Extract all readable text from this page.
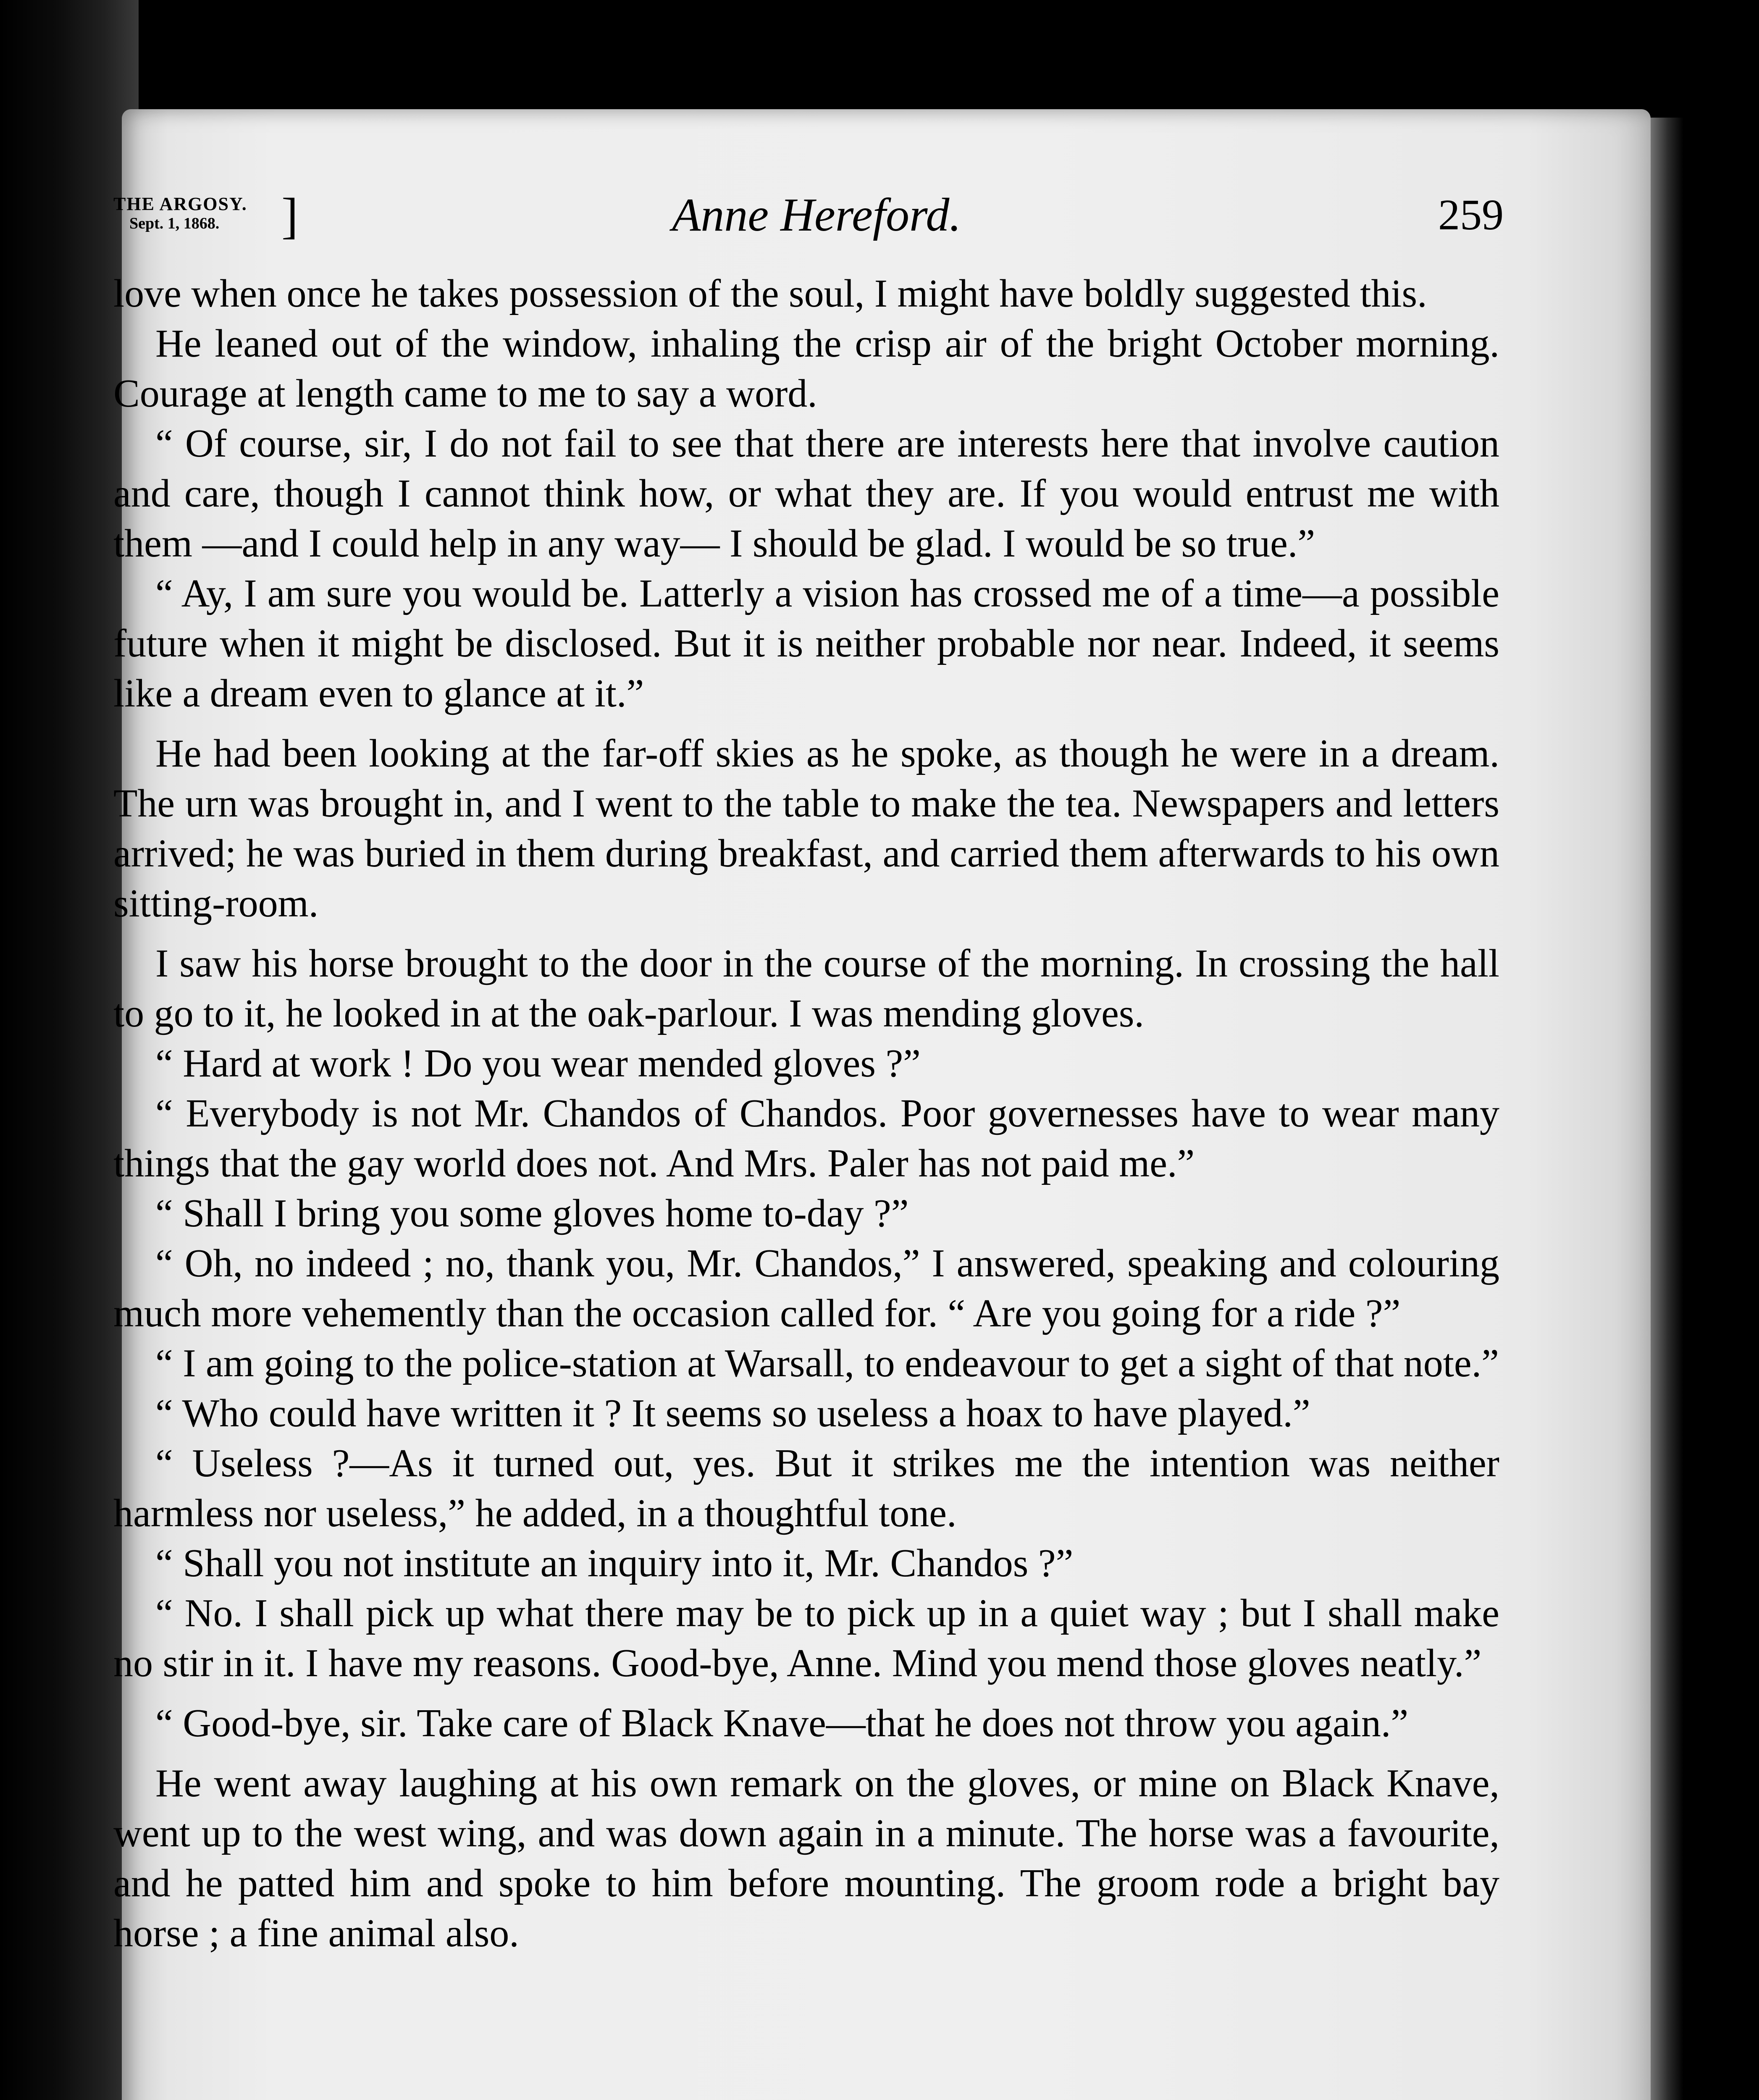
THE ARGOSY.
Sept. 1, 1868. ]	Anne Hereford.	259

love when once he takes possession of the soul, I might have boldly suggested this.

He leaned out of the window, inhaling the crisp air of the bright October morning. Courage at length came to me to say a word.

“ Of course, sir, I do not fail to see that there are interests here that involve caution and care, though I cannot think how, or what they are. If you would entrust me with them —and I could help in any way— I should be glad. I would be so true.”

“ Ay, I am sure you would be. Latterly a vision has crossed me of a time—a possible future when it might be disclosed. But it is neither probable nor near. Indeed, it seems like a dream even to glance at it.”

He had been looking at the far-off skies as he spoke, as though he were in a dream. The urn was brought in, and I went to the table to make the tea. Newspapers and letters arrived; he was buried in them during breakfast, and carried them afterwards to his own sitting-room.

I saw his horse brought to the door in the course of the morning. In crossing the hall to go to it, he looked in at the oak-parlour. I was mending gloves.

“ Hard at work ! Do you wear mended gloves ?”

“ Everybody is not Mr. Chandos of Chandos. Poor governesses have to wear many things that the gay world does not. And Mrs. Paler has not paid me.”

“ Shall I bring you some gloves home to-day ?”

“ Oh, no indeed ; no, thank you, Mr. Chandos,” I answered, speaking and colouring much more vehemently than the occasion called for. “ Are you going for a ride ?”

“ I am going to the police-station at Warsall, to endeavour to get a sight of that note.”

“ Who could have written it ? It seems so useless a hoax to have played.”

“ Useless ?—As it turned out, yes. But it strikes me the intention was neither harmless nor useless,” he added, in a thoughtful tone.

“ Shall you not institute an inquiry into it, Mr. Chandos ?”

“ No. I shall pick up what there may be to pick up in a quiet way ; but I shall make no stir in it. I have my reasons. Good-bye, Anne. Mind you mend those gloves neatly.”

“ Good-bye, sir. Take care of Black Knave—that he does not throw you again.”

He went away laughing at his own remark on the gloves, or mine on Black Knave, went up to the west wing, and was down again in a minute. The horse was a favourite, and he patted him and spoke to him before mounting. The groom rode a bright bay horse ; a fine animal also.
